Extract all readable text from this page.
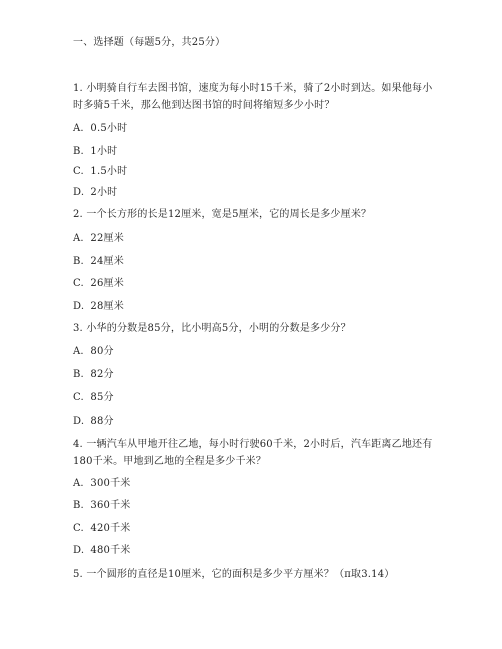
一、选择题（每题5分，共25分）
1. 小明骑自行车去图书馆，速度为每小时15千米，骑了2小时到达。如果他每小时多骑5千米，那么他到达图书馆的时间将缩短多少小时？
A. 0.5小时
B. 1小时
C. 1.5小时
D. 2小时
2. 一个长方形的长是12厘米，宽是5厘米，它的周长是多少厘米？
A. 22厘米
B. 24厘米
C. 26厘米
D. 28厘米
3. 小华的分数是85分，比小明高5分，小明的分数是多少分？
A. 80分
B. 82分
C. 85分
D. 88分
4. 一辆汽车从甲地开往乙地，每小时行驶60千米，2小时后，汽车距离乙地还有180千米。甲地到乙地的全程是多少千米？
A. 300千米
B. 360千米
C. 420千米
D. 480千米
5. 一个圆形的直径是10厘米，它的面积是多少平方厘米？（π取3.14）
